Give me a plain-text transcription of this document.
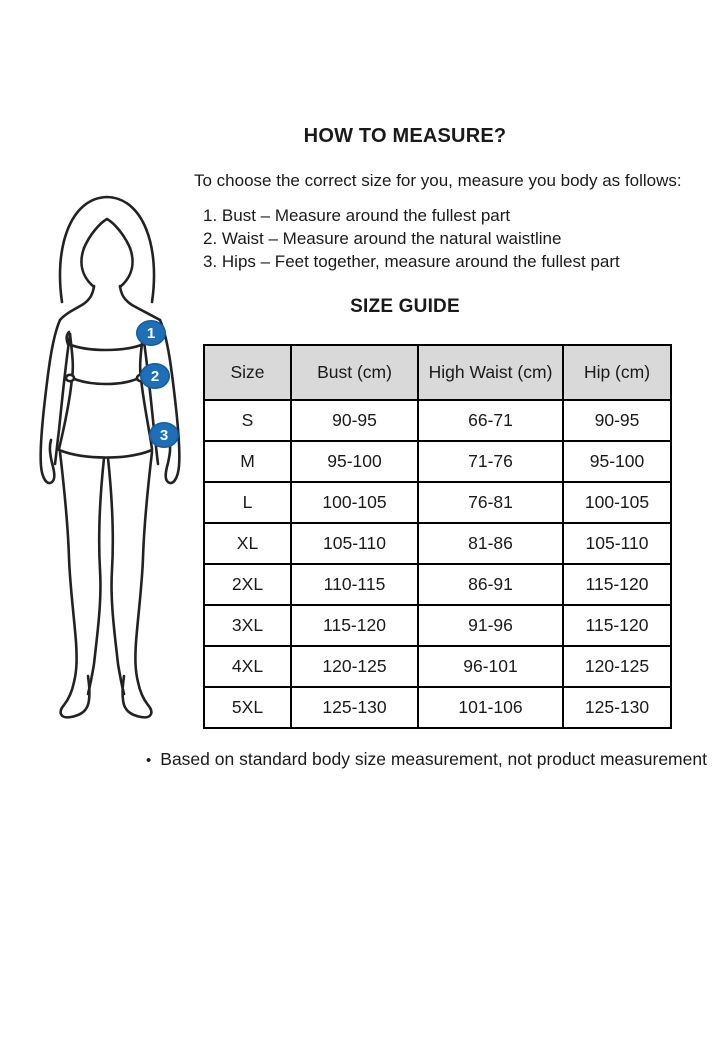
1
2
3
HOW TO MEASURE?
To choose the correct size for you, measure you body as follows:
1. Bust – Measure around the fullest part
2. Waist – Measure around the natural waistline
3. Hips – Feet together, measure around the fullest part
SIZE GUIDE
Size	Bust (cm)	High Waist (cm)	Hip (cm)
S	90-95	66-71	90-95
M	95-100	71-76	95-100
L	100-105	76-81	100-105
XL	105-110	81-86	105-110
2XL	110-115	86-91	115-120
3XL	115-120	91-96	115-120
4XL	120-125	96-101	120-125
5XL	125-130	101-106	125-130
• Based on standard body size measurement, not product measurement
